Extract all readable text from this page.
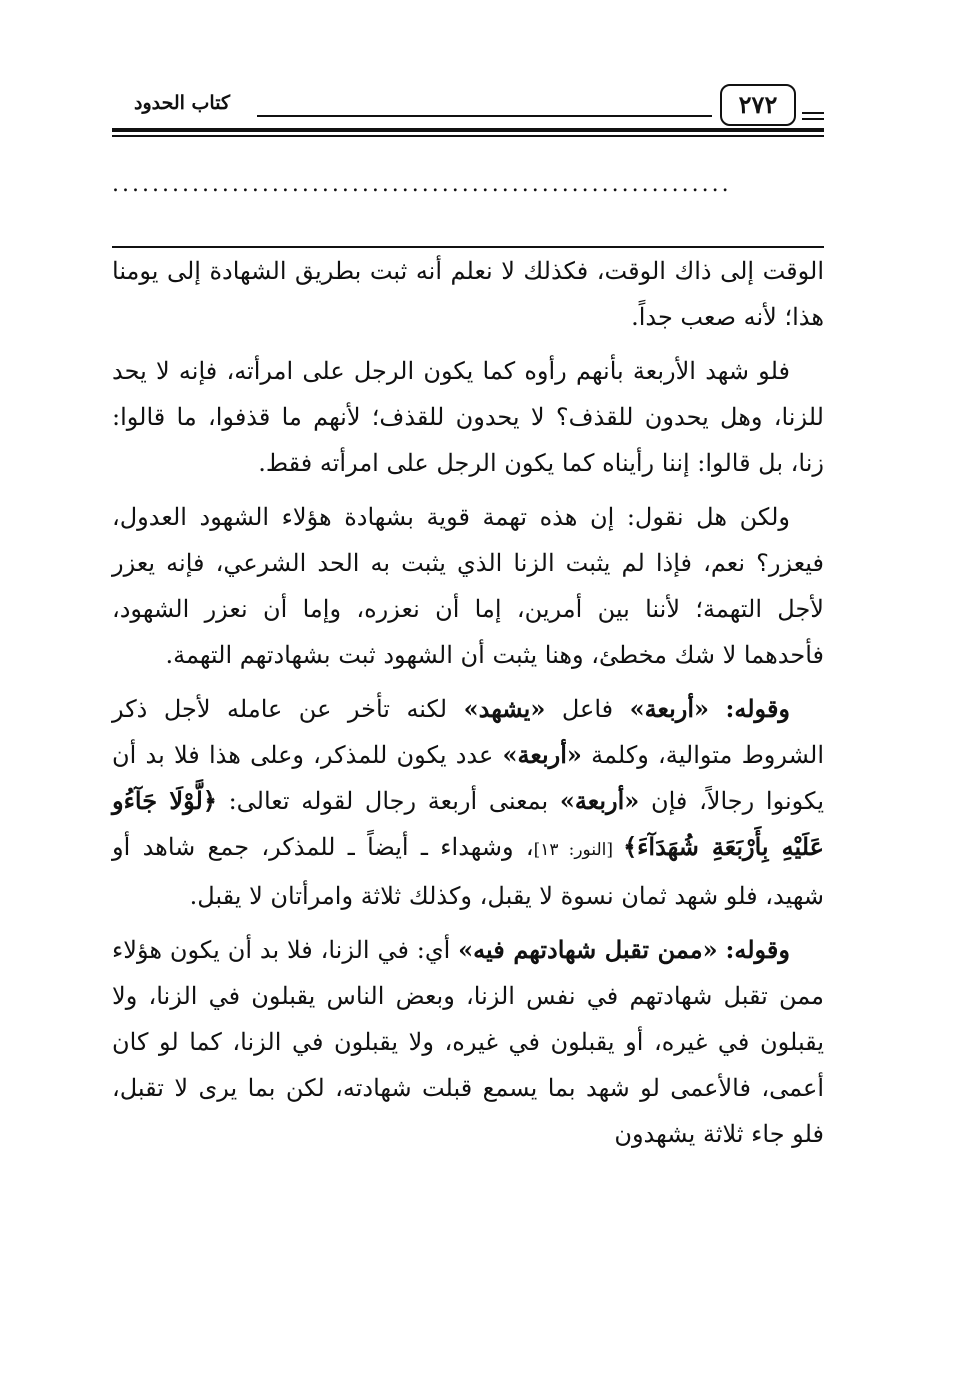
٢٧٢
كتاب الحدود
..............................................................

الوقت إلى ذاك الوقت، فكذلك لا نعلم أنه ثبت بطريق الشهادة إلى يومنا هذا؛ لأنه صعب جداً.

فلو شهد الأربعة بأنهم رأوه كما يكون الرجل على امرأته، فإنه لا يحد للزنا، وهل يحدون للقذف؟ لا يحدون للقذف؛ لأنهم ما قذفوا، ما قالوا: زنا، بل قالوا: إننا رأيناه كما يكون الرجل على امرأته فقط.

ولكن هل نقول: إن هذه تهمة قوية بشهادة هؤلاء الشهود العدول، فيعزر؟ نعم، فإذا لم يثبت الزنا الذي يثبت به الحد الشرعي، فإنه يعزر لأجل التهمة؛ لأننا بين أمرين، إما أن نعزره، وإما أن نعزر الشهود، فأحدهما لا شك مخطئ، وهنا يثبت أن الشهود ثبت بشهادتهم التهمة.

وقوله: «أربعة» فاعل «يشهد» لكنه تأخر عن عامله لأجل ذكر الشروط متوالية، وكلمة «أربعة» عدد يكون للمذكر، وعلى هذا فلا بد أن يكونوا رجالاً، فإن «أربعة» بمعنى أربعة رجال لقوله تعالى: ﴿لَّوْلَا جَآءُو عَلَيْهِ بِأَرْبَعَةِ شُهَدَآءَ﴾ [النور: ١٣]، وشهداء ـ أيضاً ـ للمذكر، جمع شاهد أو شهيد، فلو شهد ثمان نسوة لا يقبل، وكذلك ثلاثة وامرأتان لا يقبل.

وقوله: «ممن تقبل شهادتهم فيه» أي: في الزنا، فلا بد أن يكون هؤلاء ممن تقبل شهادتهم في نفس الزنا، وبعض الناس يقبلون في الزنا، ولا يقبلون في غيره، أو يقبلون في غيره، ولا يقبلون في الزنا، كما لو كان أعمى، فالأعمى لو شهد بما يسمع قبلت شهادته، لكن بما يرى لا تقبل، فلو جاء ثلاثة يشهدون
